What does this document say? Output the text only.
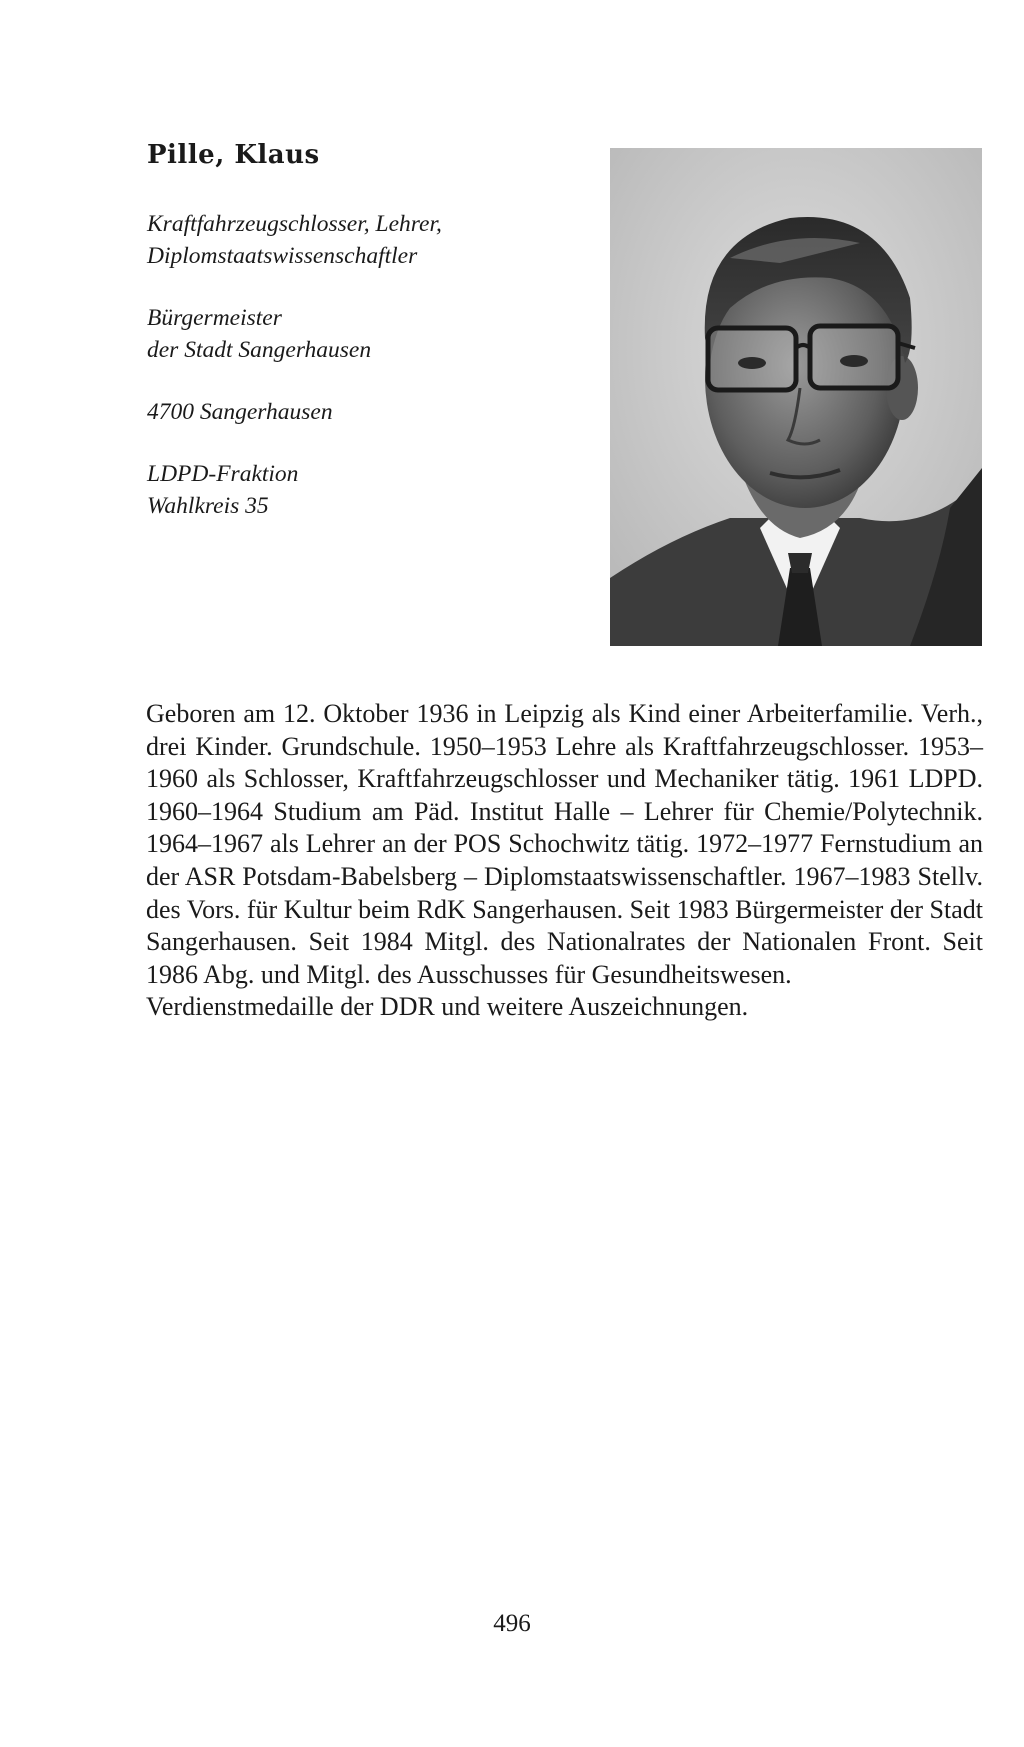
Pille, Klaus
Kraftfahrzeugschlosser, Lehrer,
Diplomstaatswissenschaftler
Bürgermeister
der Stadt Sangerhausen
4700 Sangerhausen
LDPD-Fraktion
Wahlkreis 35

Geboren am 12. Oktober 1936 in Leipzig als Kind einer Arbeiterfamilie. Verh., drei Kinder. Grundschule. 1950–1953 Lehre als Kraftfahrzeugschlosser. 1953–1960 als Schlosser, Kraftfahrzeugschlosser und Mechaniker tätig. 1961 LDPD. 1960–1964 Studium am Päd. Institut Halle – Lehrer für Chemie/Polytechnik. 1964–1967 als Lehrer an der POS Schochwitz tätig. 1972–1977 Fernstudium an der ASR Potsdam-Babelsberg – Diplomstaatswissenschaftler. 1967–1983 Stellv. des Vors. für Kultur beim RdK Sangerhausen. Seit 1983 Bürgermeister der Stadt Sangerhausen. Seit 1984 Mitgl. des Nationalrates der Nationalen Front. Seit 1986 Abg. und Mitgl. des Ausschusses für Gesundheitswesen.

Verdienstmedaille der DDR und weitere Auszeichnungen.

496
